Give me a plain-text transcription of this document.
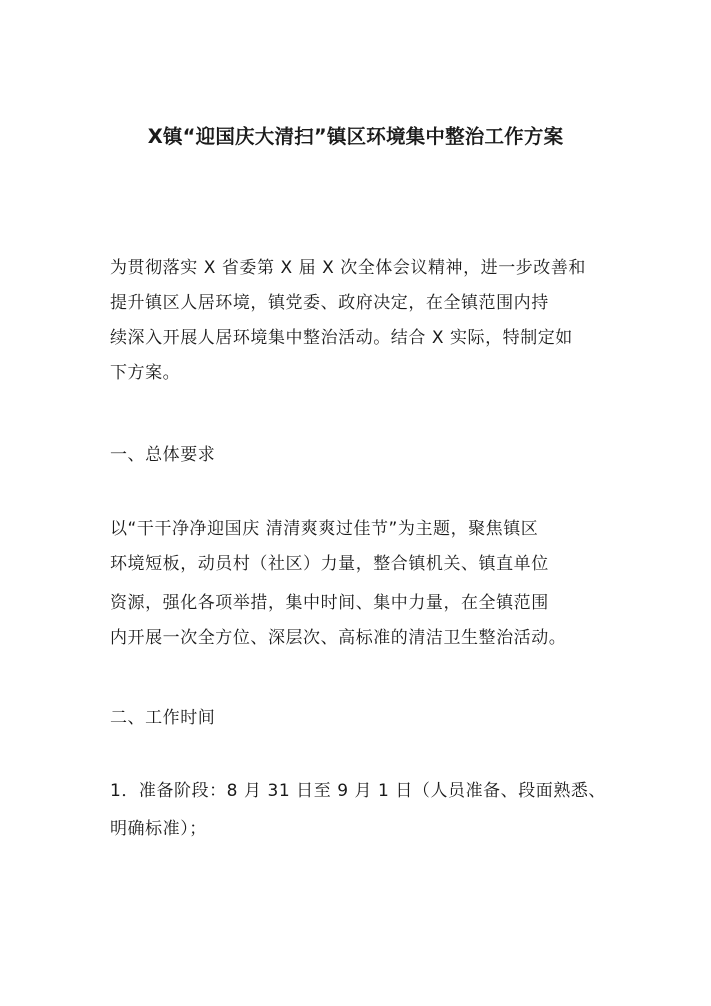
X镇“迎国庆大清扫”镇区环境集中整治工作方案
为贯彻落实 X 省委第 X 届 X 次全体会议精神，进一步改善和
提升镇区人居环境，镇党委、政府决定，在全镇范围内持
续深入开展人居环境集中整治活动。结合 X 实际，特制定如
下方案。
一、总体要求
以“干干净净迎国庆 清清爽爽过佳节”为主题，聚焦镇区
环境短板，动员村（社区）力量，整合镇机关、镇直单位
资源，强化各项举措，集中时间、集中力量，在全镇范围
内开展一次全方位、深层次、高标准的清洁卫生整治活动。
二、工作时间
1．准备阶段：8 月 31 日至 9 月 1 日（人员准备、段面熟悉、
明确标准）；
